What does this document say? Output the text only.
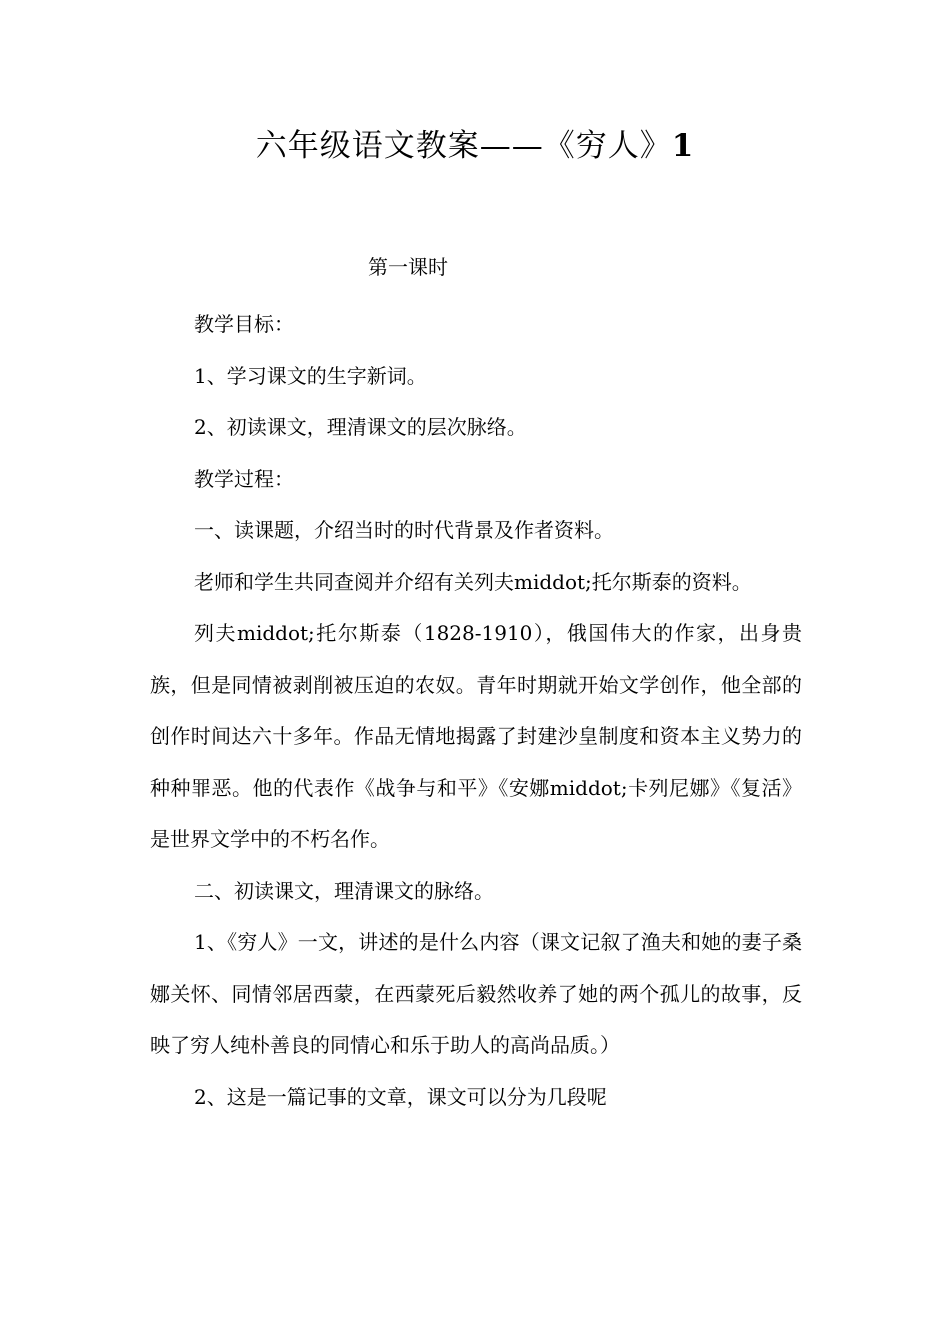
六年级语文教案——《穷人》1
第一课时

教学目标：

1、学习课文的生字新词。

2、初读课文，理清课文的层次脉络。

教学过程：

一、读课题，介绍当时的时代背景及作者资料。

老师和学生共同查阅并介绍有关列夫middot;托尔斯泰的资料。

列夫middot;托尔斯泰（1828-1910），俄国伟大的作家，出身贵族，但是同情被剥削被压迫的农奴。青年时期就开始文学创作，他全部的创作时间达六十多年。作品无情地揭露了封建沙皇制度和资本主义势力的种种罪恶。他的代表作《战争与和平》《安娜middot;卡列尼娜》《复活》是世界文学中的不朽名作。

二、初读课文，理清课文的脉络。

1、《穷人》一文，讲述的是什么内容（课文记叙了渔夫和她的妻子桑娜关怀、同情邻居西蒙，在西蒙死后毅然收养了她的两个孤儿的故事，反映了穷人纯朴善良的同情心和乐于助人的高尚品质。）

2、这是一篇记事的文章，课文可以分为几段呢
